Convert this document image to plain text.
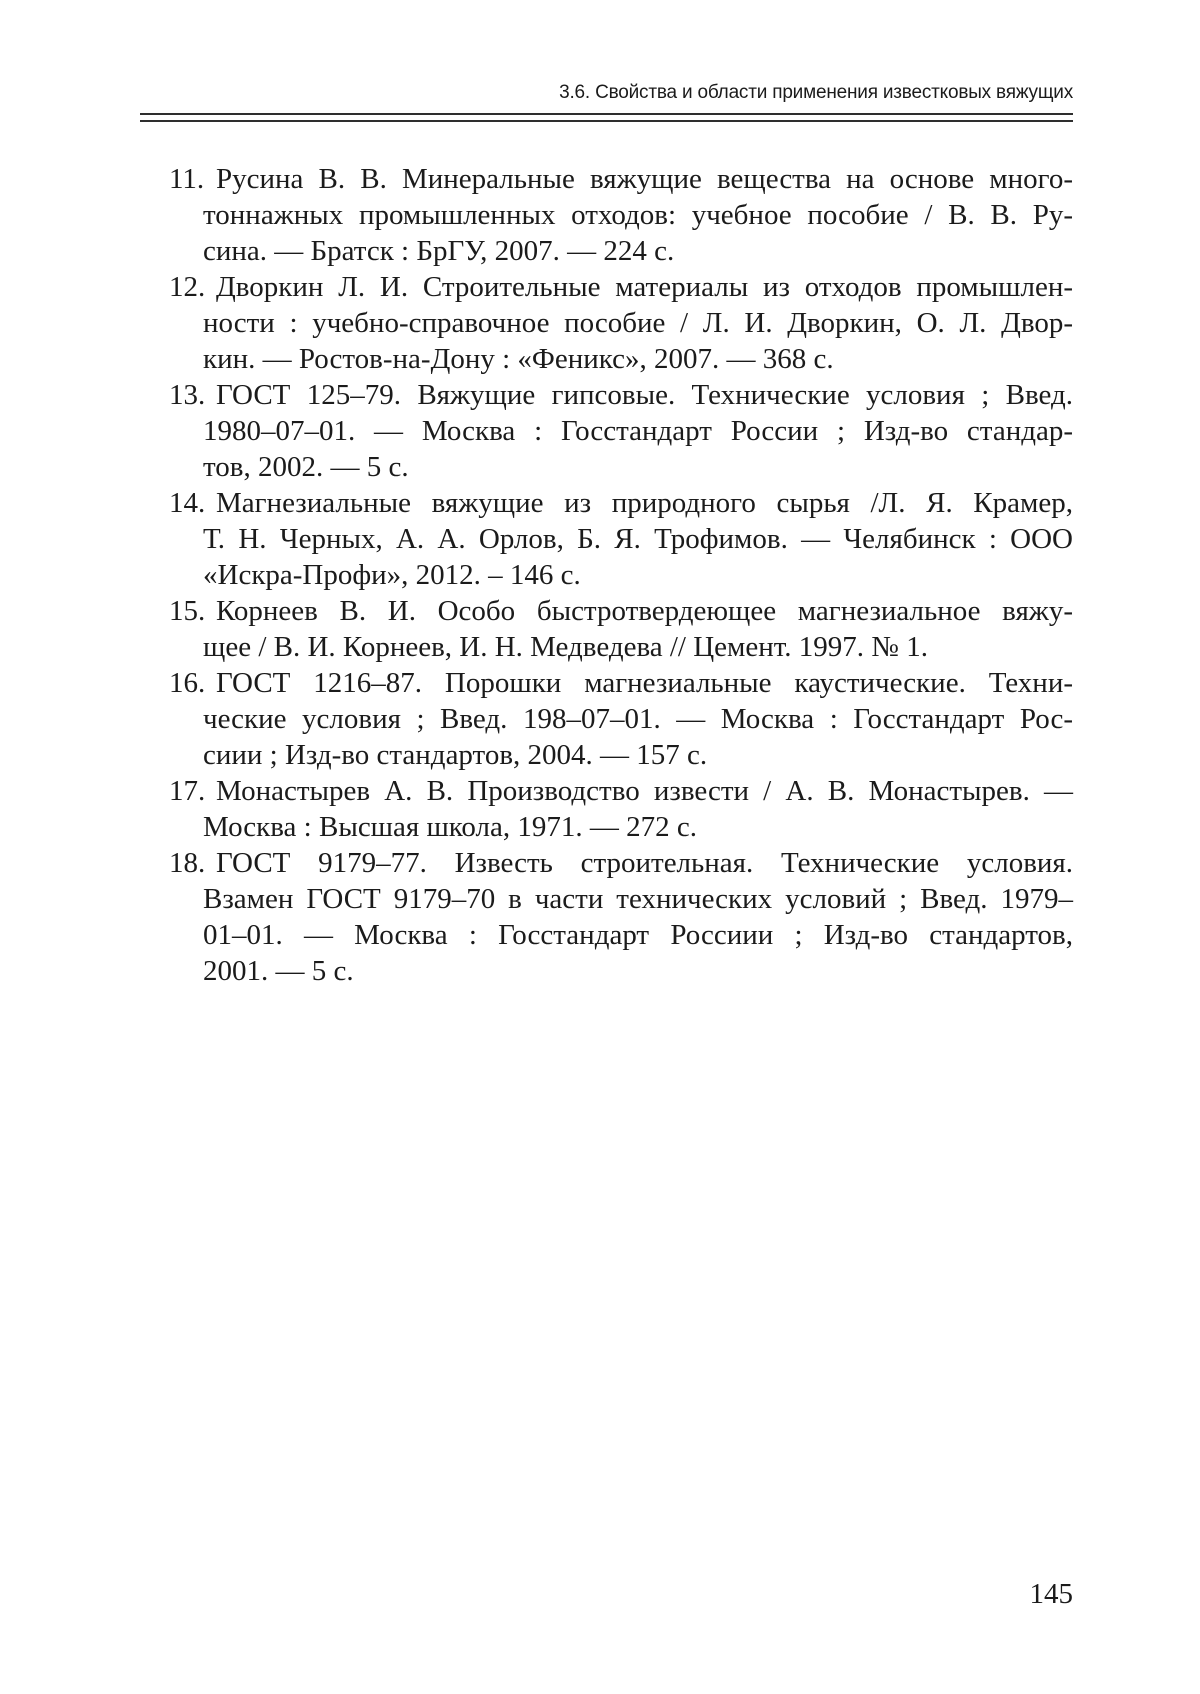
3.6. Свойства и области применения известковых вяжущих
11. Русина В. В. Минеральные вяжущие вещества на основе много-
тоннажных промышленных отходов: учебное пособие / В. В. Ру-
сина. — Братск : БрГУ, 2007. — 224 с.
12. Дворкин Л. И. Строительные материалы из отходов промышлен-
ности : учебно-справочное пособие / Л. И. Дворкин, О. Л. Двор-
кин. — Ростов-на-Дону : «Феникс», 2007. — 368 с.
13. ГОСТ 125–79. Вяжущие гипсовые. Технические условия ; Введ.
1980–07–01. — Москва : Госстандарт России ; Изд-во стандар-
тов, 2002. — 5 с.
14. Магнезиальные вяжущие из природного сырья /Л. Я. Крамер,
Т. Н. Черных, А. А. Орлов, Б. Я. Трофимов. — Челябинск : ООО
«Искра-Профи», 2012. – 146 с.
15. Корнеев В. И. Особо быстротвердеющее магнезиальное вяжу-
щее / В. И. Корнеев, И. Н. Медведева // Цемент. 1997. № 1.
16. ГОСТ 1216–87. Порошки магнезиальные каустические. Техни-
ческие условия ; Введ. 198–07–01. — Москва : Госстандарт Рос-
сиии ; Изд-во стандартов, 2004. — 157 с.
17. Монастырев А. В. Производство извести / А. В. Монастырев. —
Москва : Высшая школа, 1971. — 272 с.
18. ГОСТ 9179–77. Известь строительная. Технические условия.
Взамен ГОСТ 9179–70 в части технических условий ; Введ. 1979–
01–01. — Москва : Госстандарт Россиии ; Изд-во стандартов,
2001. — 5 с.
145
